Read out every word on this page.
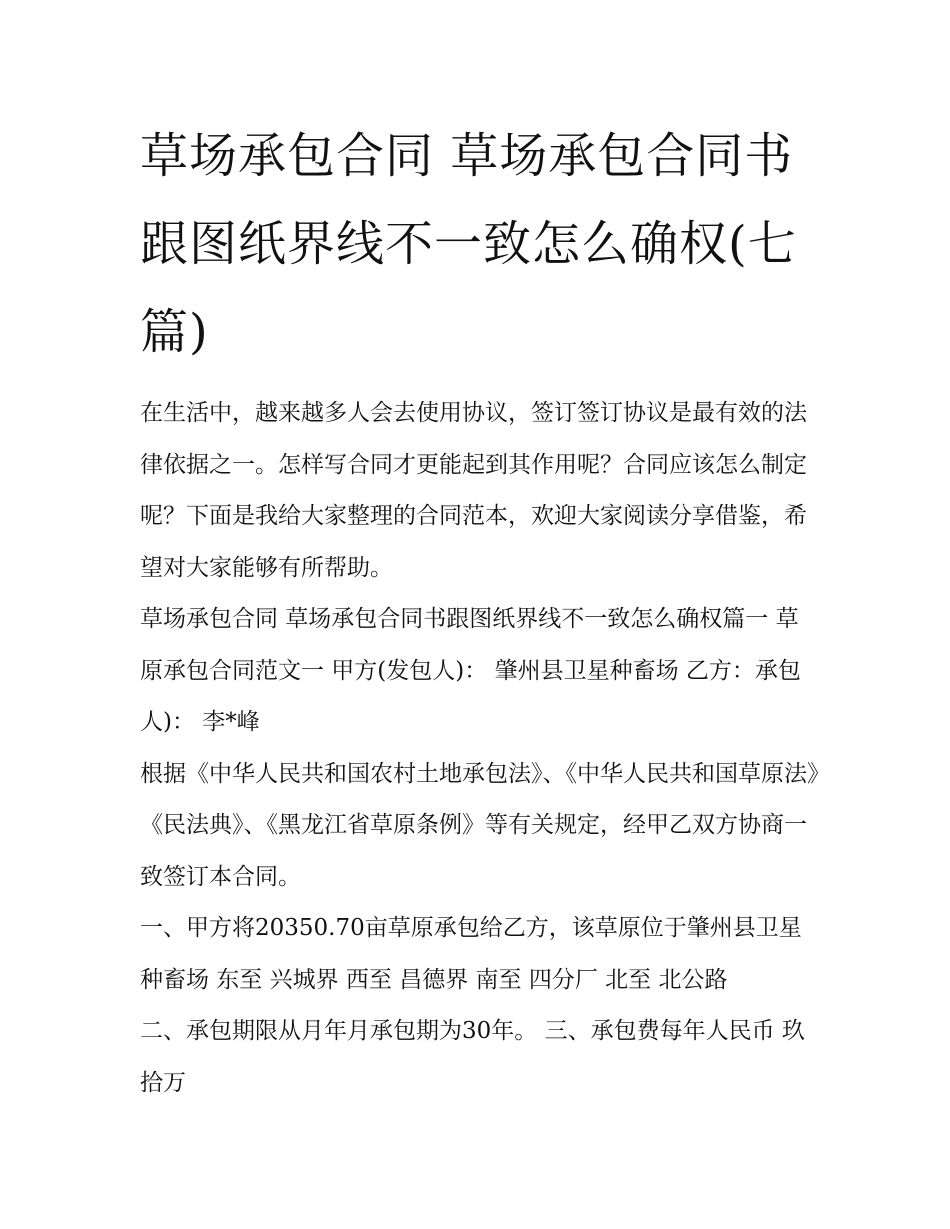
草场承包合同 草场承包合同书跟图纸界线不一致怎么确权(七篇)

在生活中，越来越多人会去使用协议，签订签订协议是最有效的法律依据之一。怎样写合同才更能起到其作用呢？合同应该怎么制定呢？下面是我给大家整理的合同范本，欢迎大家阅读分享借鉴，希望对大家能够有所帮助。

草场承包合同 草场承包合同书跟图纸界线不一致怎么确权篇一 草原承包合同范文一 甲方(发包人)： 肇州县卫星种畜场 乙方：承包人)： 李*峰

根据《中华人民共和国农村土地承包法》、《中华人民共和国草原法》《民法典》、《黑龙江省草原条例》等有关规定，经甲乙双方协商一致签订本合同。

一、甲方将20350.70亩草原承包给乙方，该草原位于肇州县卫星种畜场 东至 兴城界 西至 昌德界 南至 四分厂 北至 北公路

二、承包期限从月年月承包期为30年。 三、承包费每年人民币 玖拾万
